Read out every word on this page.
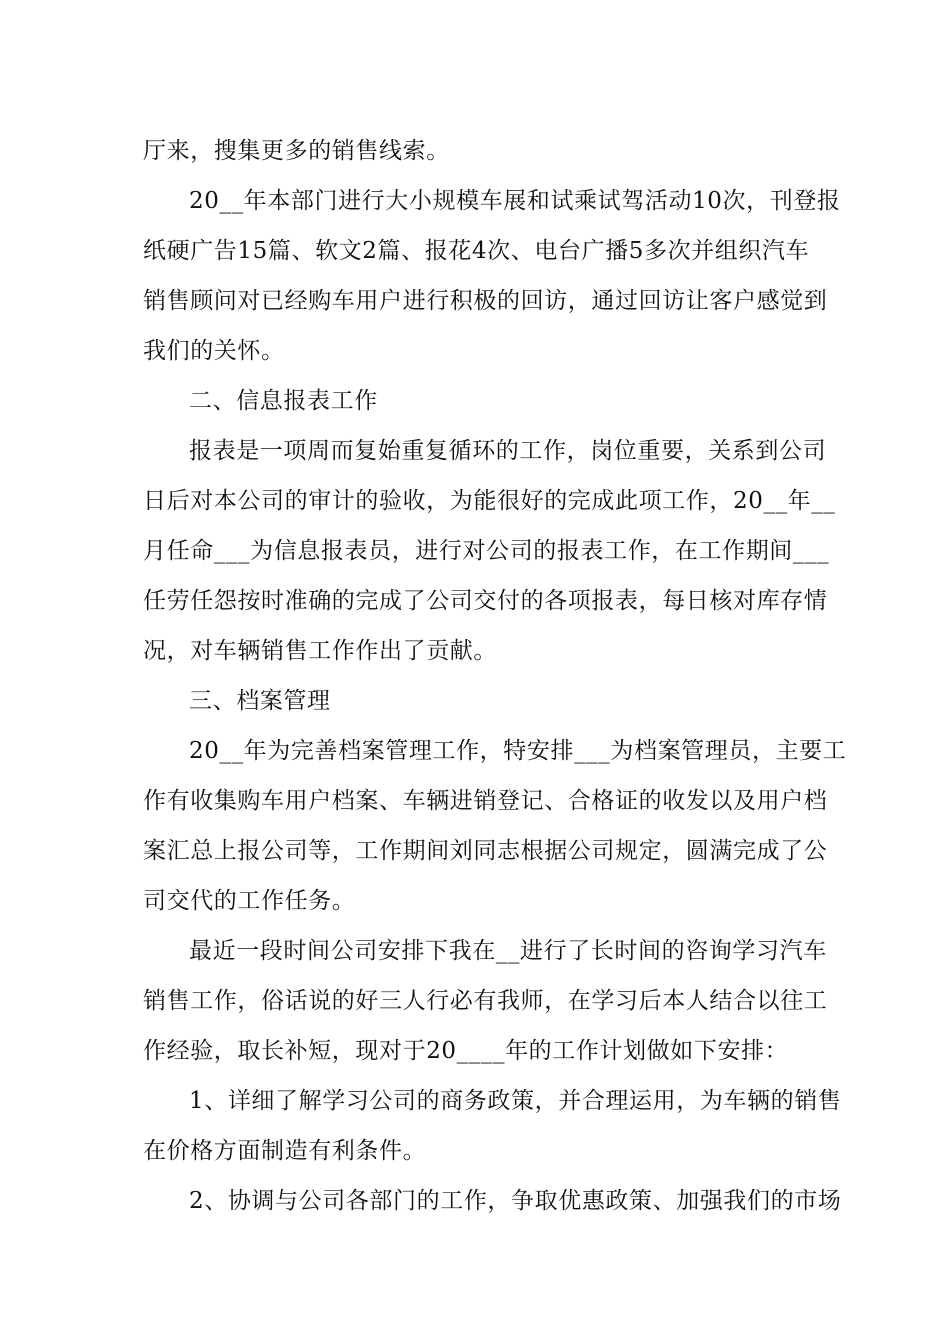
厅来，搜集更多的销售线索。
20__年本部门进行大小规模车展和试乘试驾活动10次，刊登报
纸硬广告15篇、软文2篇、报花4次、电台广播5多次并组织汽车
销售顾问对已经购车用户进行积极的回访，通过回访让客户感觉到
我们的关怀。
二、信息报表工作
报表是一项周而复始重复循环的工作，岗位重要，关系到公司
日后对本公司的审计的验收，为能很好的完成此项工作，20__年__
月任命___为信息报表员，进行对公司的报表工作，在工作期间___
任劳任怨按时准确的完成了公司交付的各项报表，每日核对库存情
况，对车辆销售工作作出了贡献。
三、档案管理
20__年为完善档案管理工作，特安排___为档案管理员，主要工
作有收集购车用户档案、车辆进销登记、合格证的收发以及用户档
案汇总上报公司等，工作期间刘同志根据公司规定，圆满完成了公
司交代的工作任务。
最近一段时间公司安排下我在__进行了长时间的咨询学习汽车
销售工作，俗话说的好三人行必有我师，在学习后本人结合以往工
作经验，取长补短，现对于20____年的工作计划做如下安排：
1、详细了解学习公司的商务政策，并合理运用，为车辆的销售
在价格方面制造有利条件。
2、协调与公司各部门的工作，争取优惠政策、加强我们的市场
